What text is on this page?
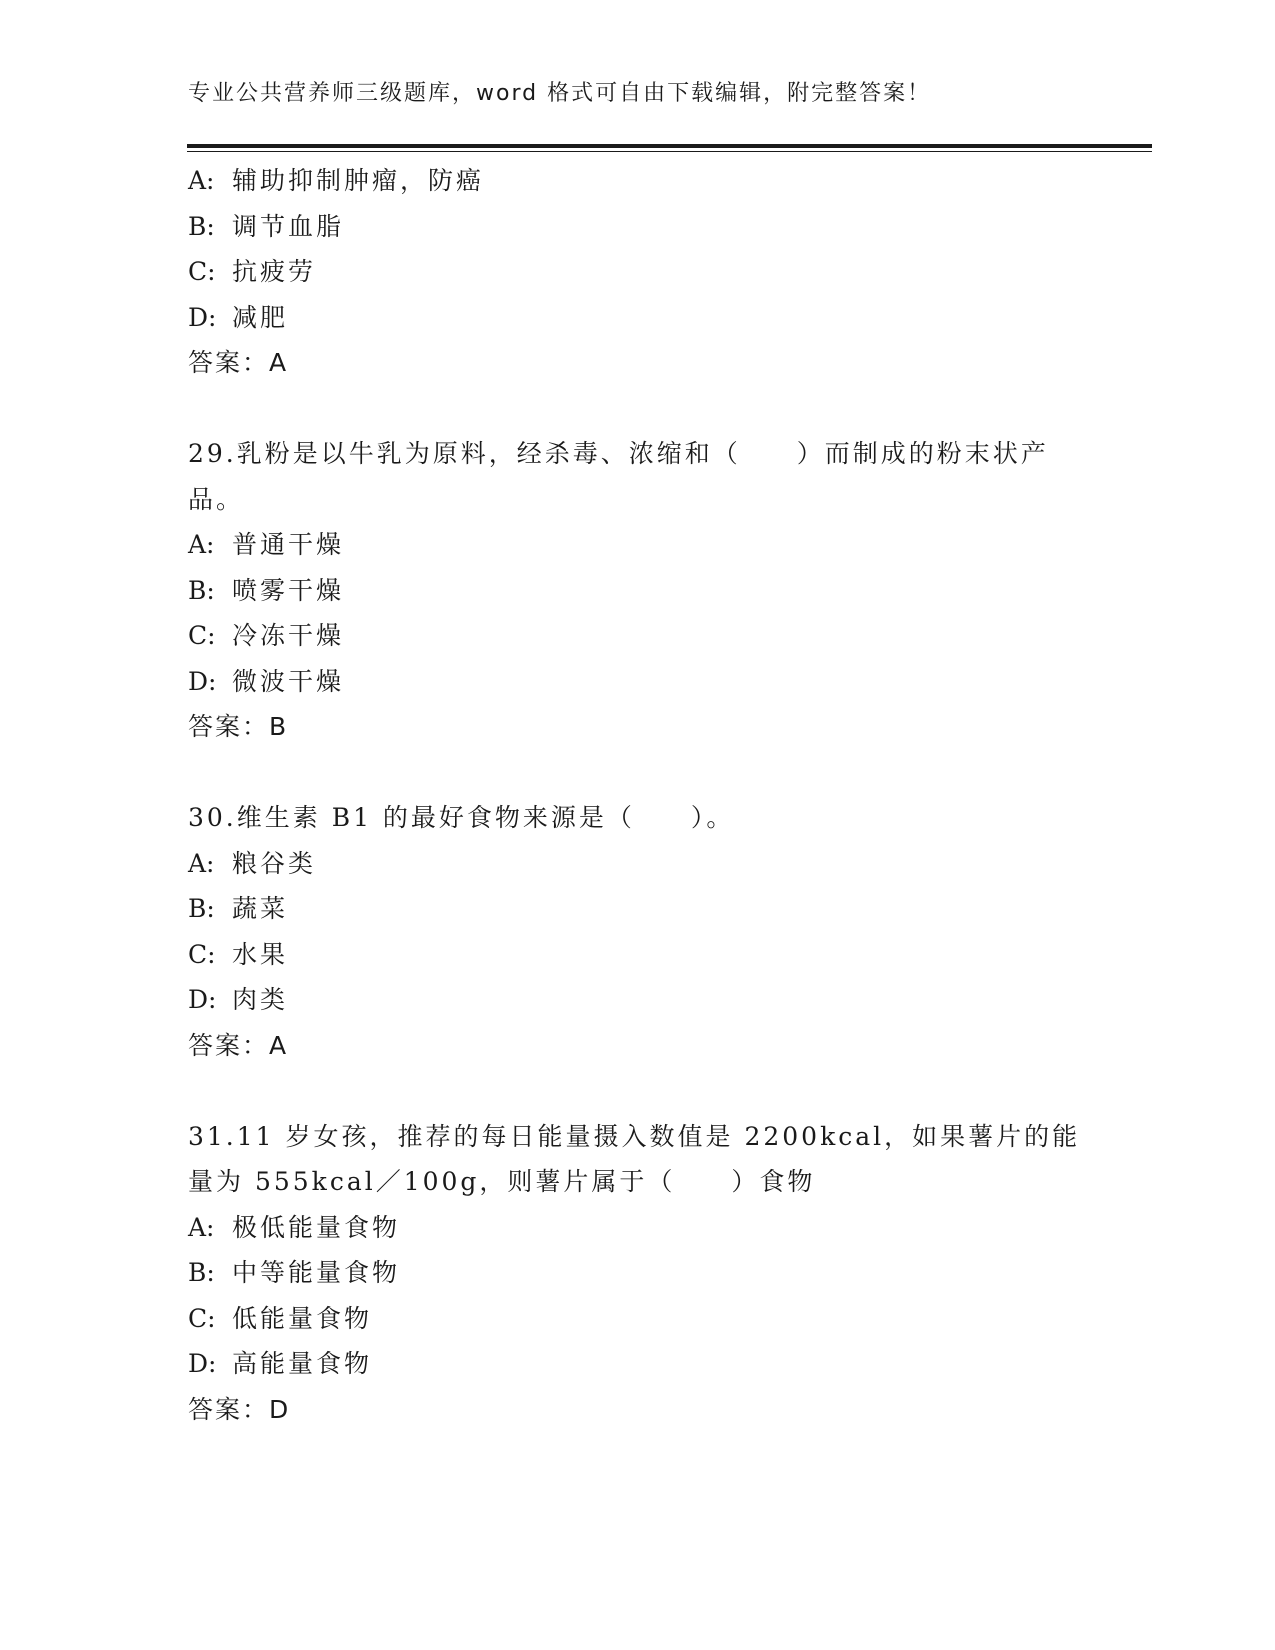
专业公共营养师三级题库，word 格式可自由下载编辑，附完整答案！
A: 辅助抑制肿瘤，防癌
B: 调节血脂
C: 抗疲劳
D: 减肥
答案：A
29.乳粉是以牛乳为原料，经杀毒、浓缩和（　　）而制成的粉末状产
品。
A: 普通干燥
B: 喷雾干燥
C: 冷冻干燥
D: 微波干燥
答案：B
30.维生素 B1 的最好食物来源是（　　）。
A: 粮谷类
B: 蔬菜
C: 水果
D: 肉类
答案：A
31.11 岁女孩，推荐的每日能量摄入数值是 2200kcal，如果薯片的能
量为 555kcal／100g，则薯片属于（　　）食物
A: 极低能量食物
B: 中等能量食物
C: 低能量食物
D: 高能量食物
答案：D
